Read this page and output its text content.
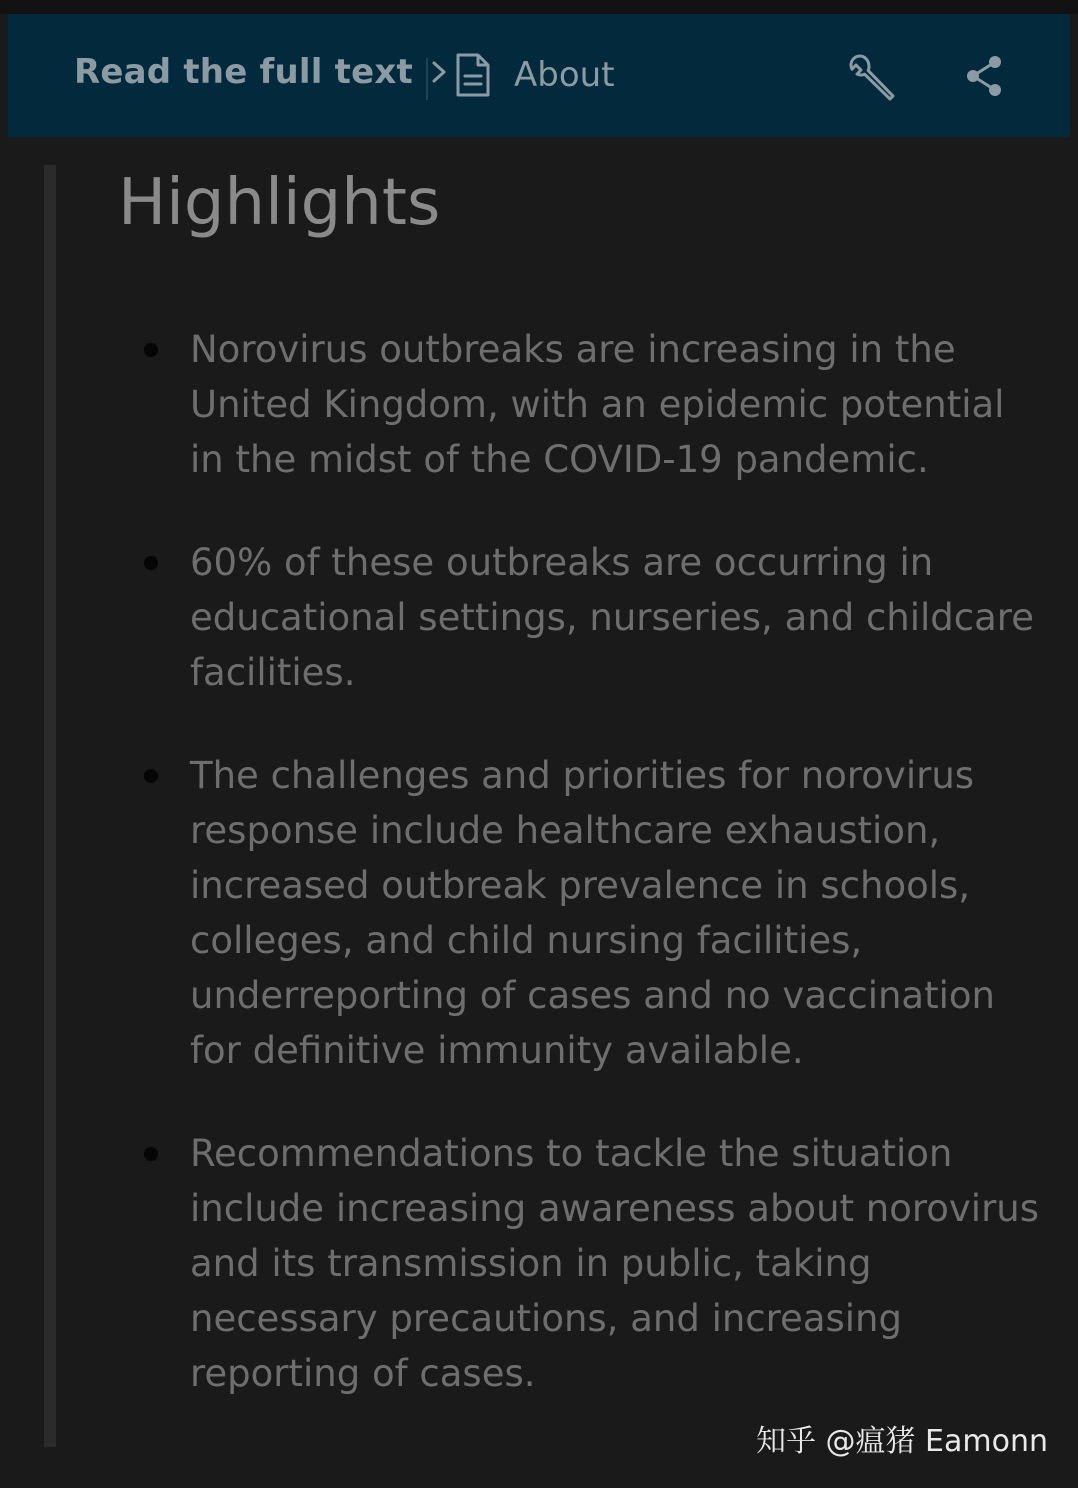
Read the full text	About
Highlights
Norovirus outbreaks are increasing in the
United Kingdom, with an epidemic potential
in the midst of the COVID-19 pandemic.
60% of these outbreaks are occurring in
educational settings, nurseries, and childcare
facilities.
The challenges and priorities for norovirus
response include healthcare exhaustion,
increased outbreak prevalence in schools,
colleges, and child nursing facilities,
underreporting of cases and no vaccination
for definitive immunity available.
Recommendations to tackle the situation
include increasing awareness about norovirus
and its transmission in public, taking
necessary precautions, and increasing
reporting of cases.
知乎 @瘟猪 Eamonn
